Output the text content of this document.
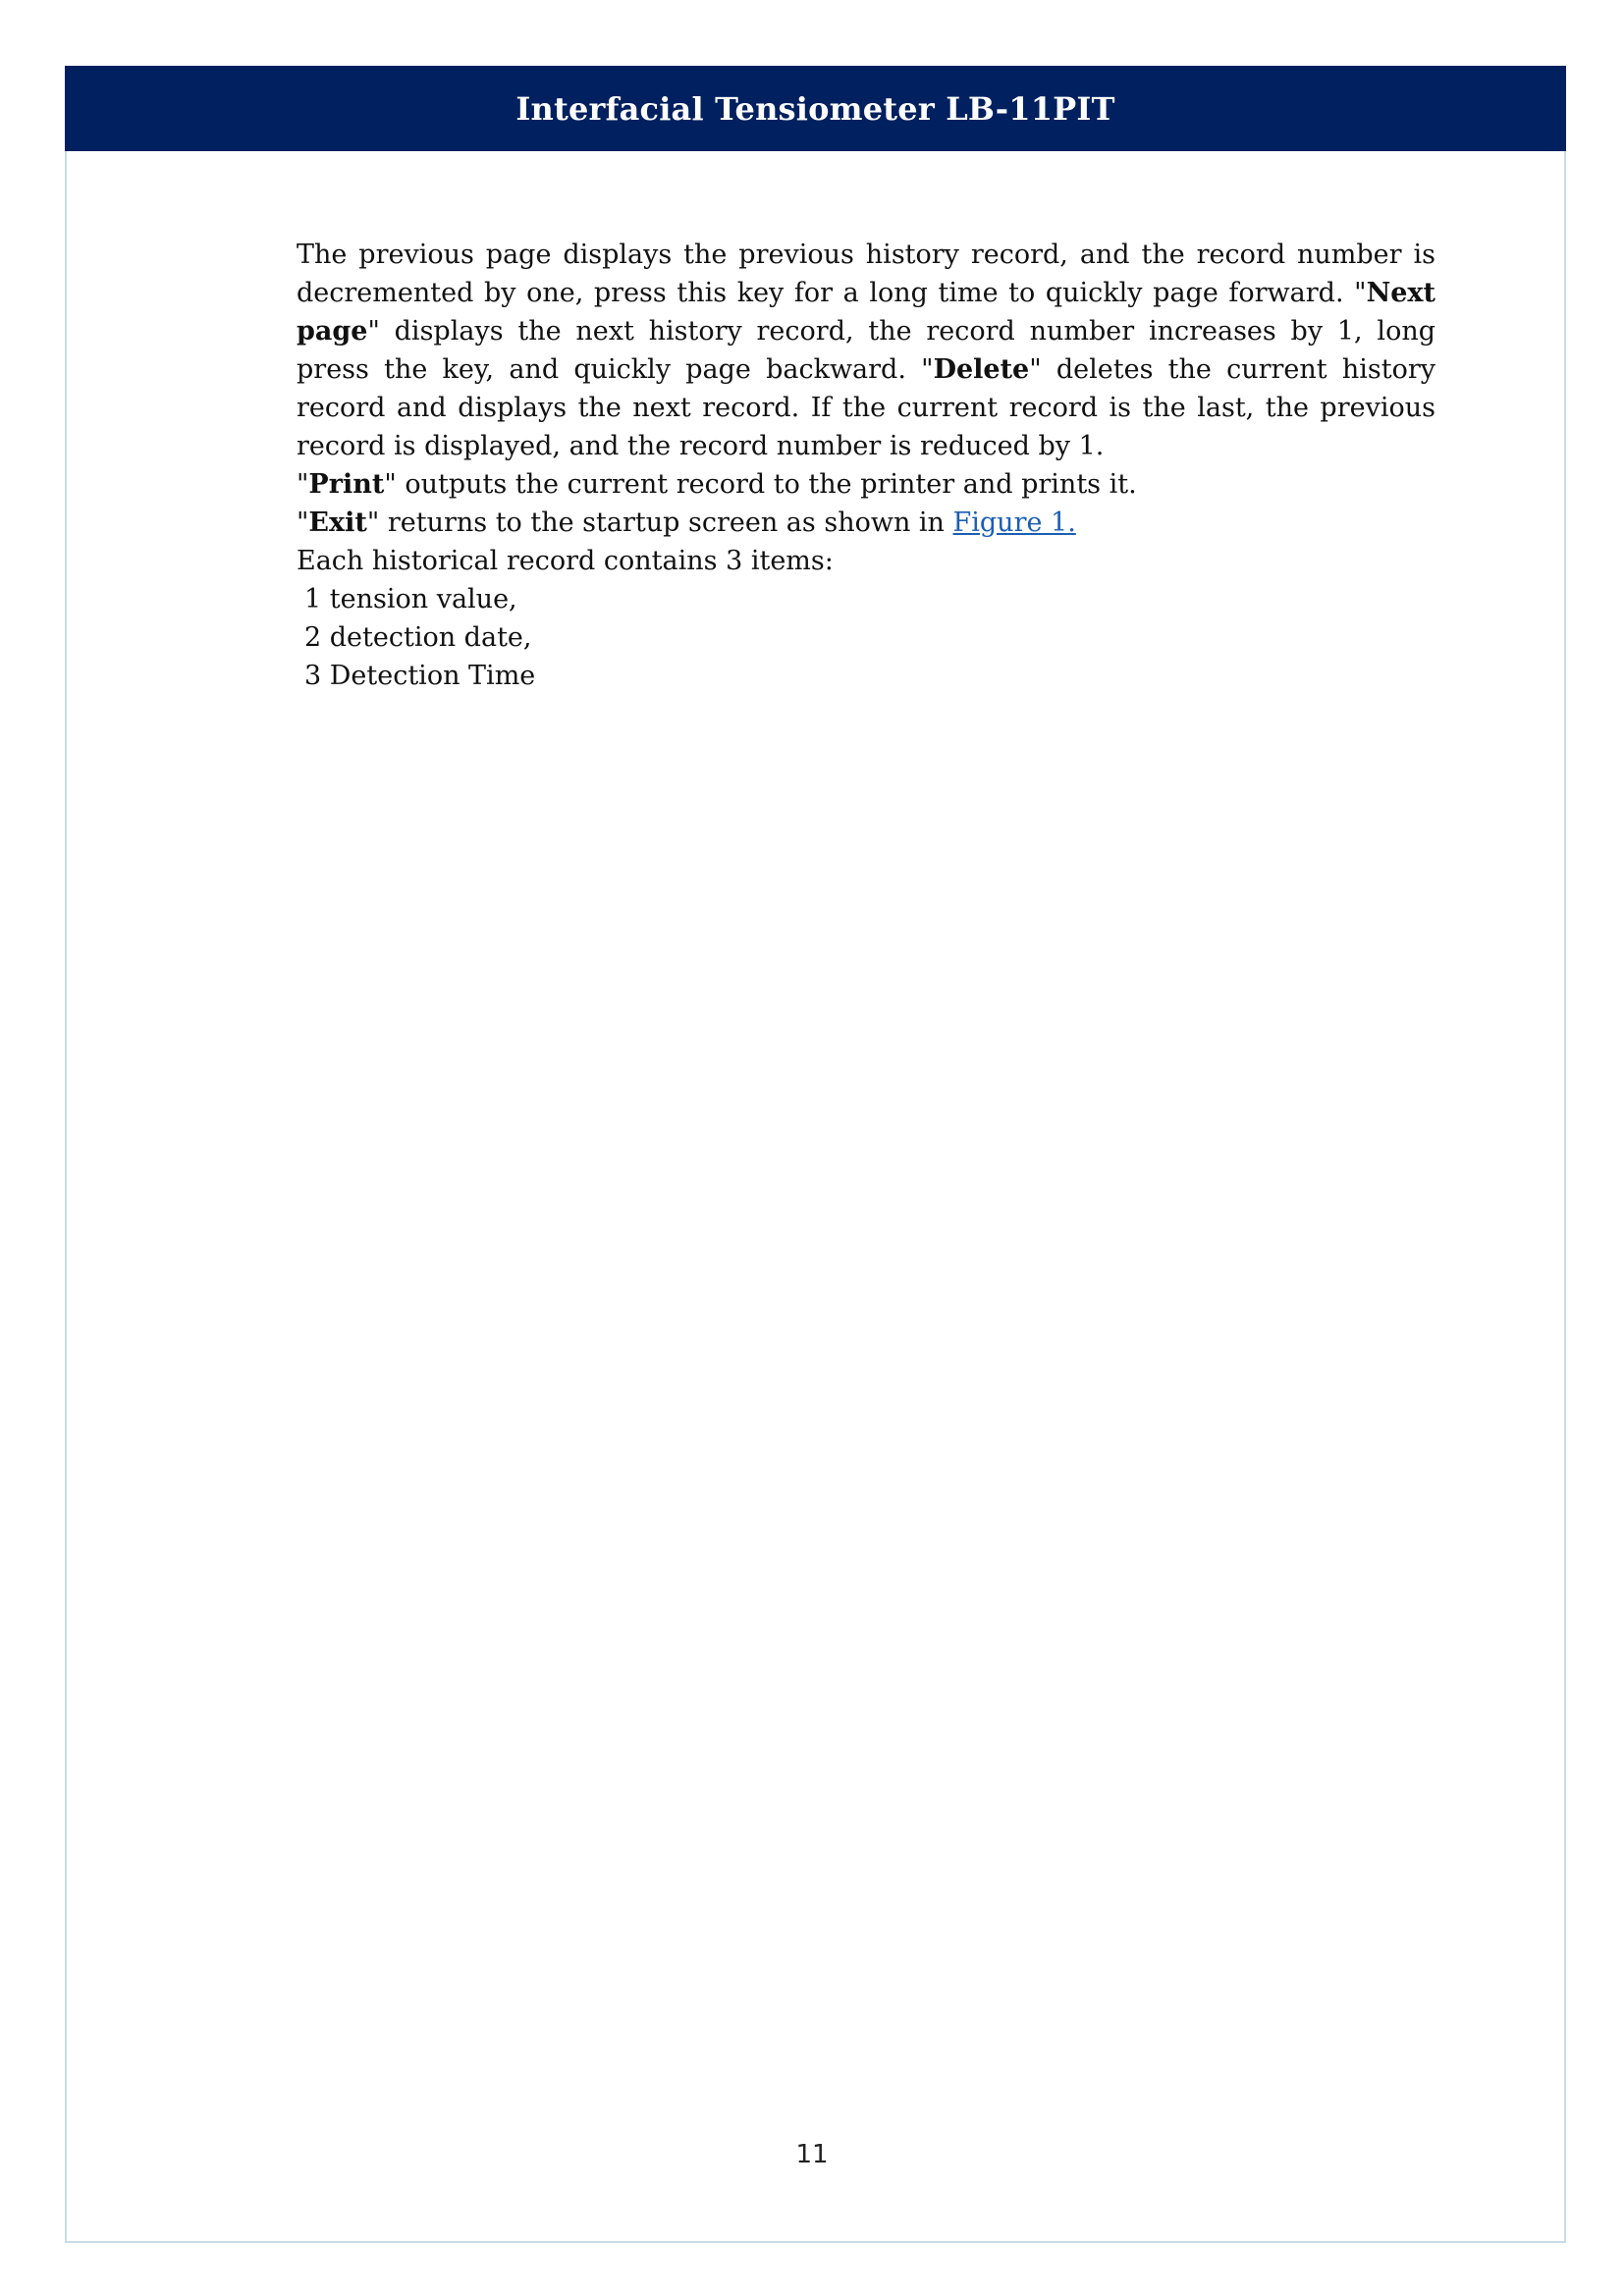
Interfacial Tensiometer LB-11PIT

The previous page displays the previous history record, and the record number is decremented by one, press this key for a long time to quickly page forward. "Next page" displays the next history record, the record number increases by 1, long press the key, and quickly page backward. "Delete" deletes the current history record and displays the next record. If the current record is the last, the previous record is displayed, and the record number is reduced by 1.

"Print" outputs the current record to the printer and prints it.

"Exit" returns to the startup screen as shown in Figure 1.

Each historical record contains 3 items:

1 tension value,

2 detection date,

3 Detection Time

11
